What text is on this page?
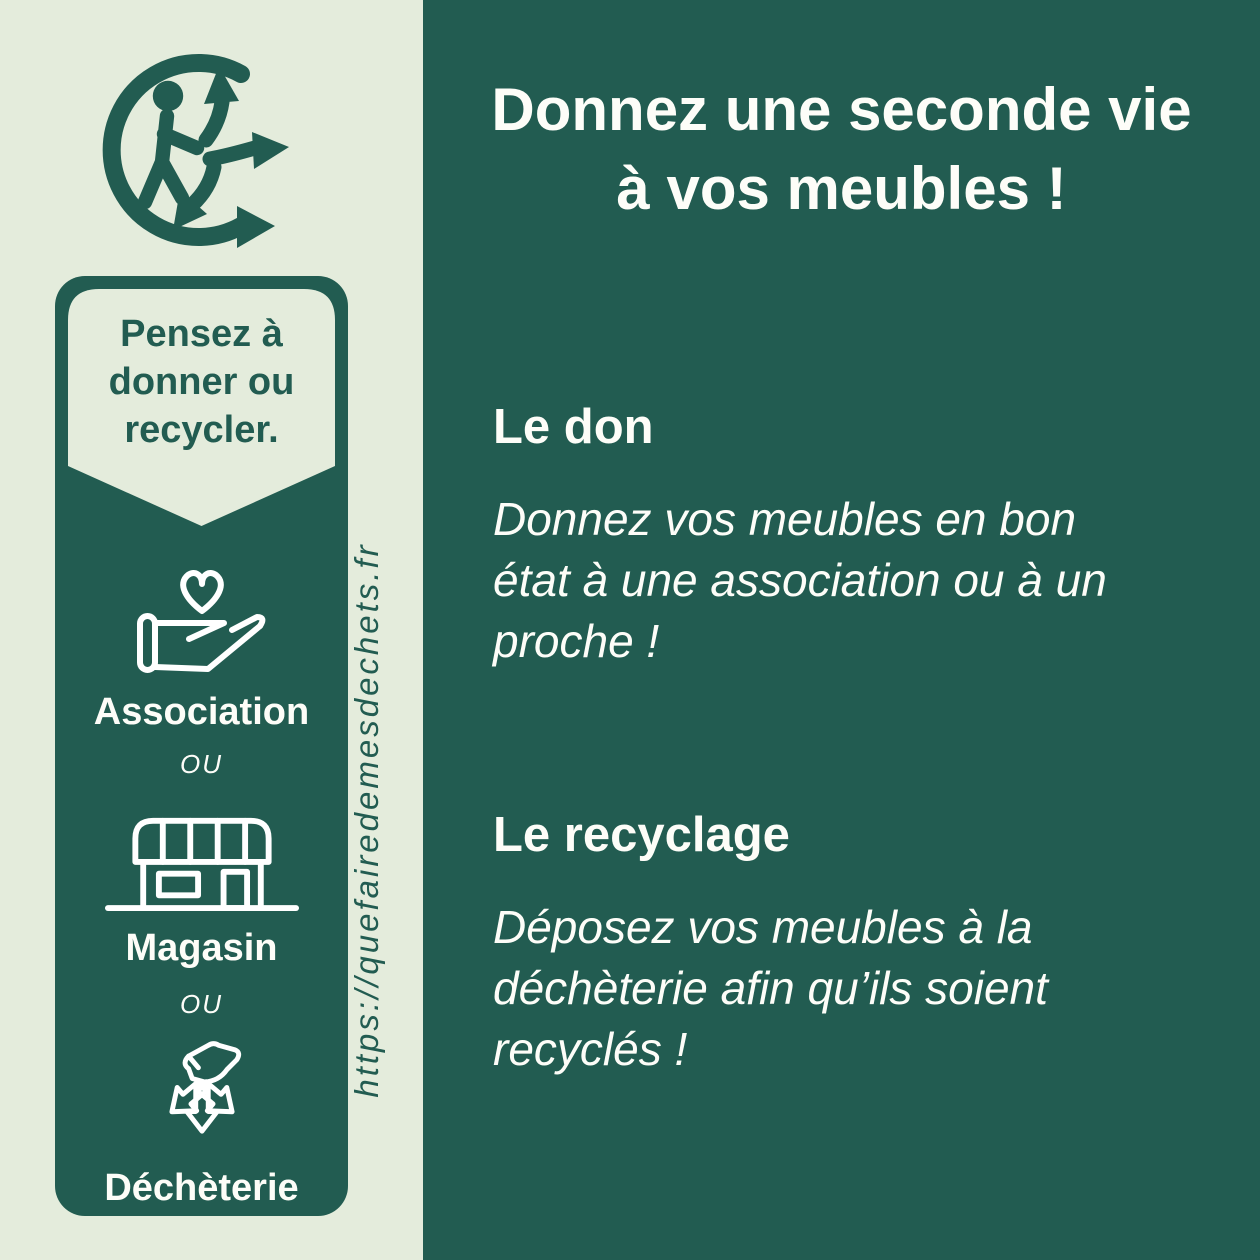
https://quefairedemesdechets.fr
Pensez à
donner ou
recycler.
Association
OU
Magasin
OU
Déchèterie
Donnez une seconde vie
à vos meubles !
Le don
Donnez vos meubles en bon
état à une association ou à un
proche !
Le recyclage
Déposez vos meubles à la
déchèterie afin qu’ils soient
recyclés !
